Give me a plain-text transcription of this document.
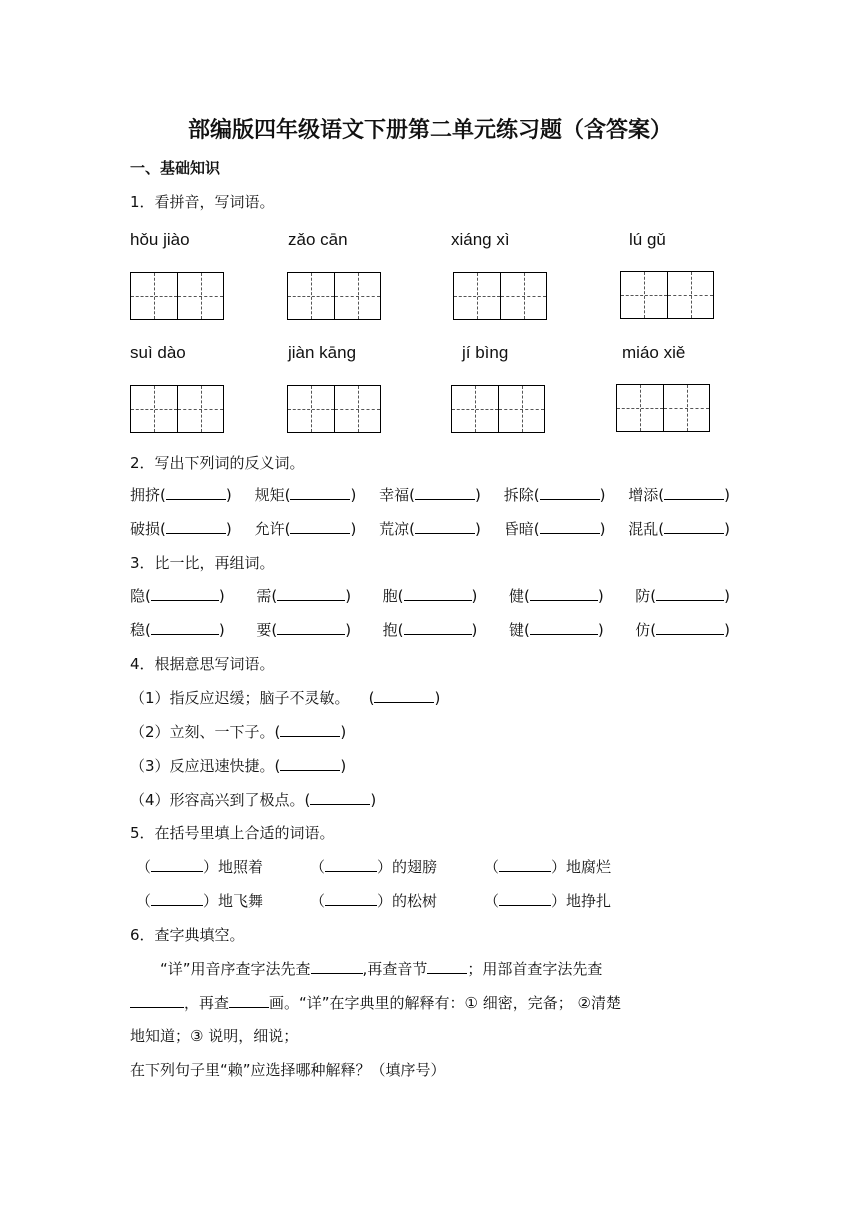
部编版四年级语文下册第二单元练习题（含答案）
一、基础知识
1．看拼音，写词语。
hǒu jiào	zǎo cān	xiáng xì	lú gǔ
suì dào	jiàn kāng	jí bìng	miáo xiě
2．写出下列词的反义词。
拥挤(	) 规矩(	) 幸福(	) 拆除(	) 增添(	)
破损(	) 允许(	) 荒凉(	) 昏暗(	) 混乱(	)
3．比一比，再组词。
隐(	) 需(	) 胞(	) 健(	) 防(	)
稳(	) 要(	) 抱(	) 键(	) 仿(	)
4．根据意思写词语。
（1）指反应迟缓；脑子不灵敏。    (	)
（2）立刻、一下子。(	)
（3）反应迅速快捷。(	)
（4）形容高兴到了极点。(	)
5．在括号里填上合适的词语。
（	）地照着	（	）的翅膀	（	）地腐烂
（	）地飞舞	（	）的松树	（	）地挣扎
6．查字典填空。
“详”用音序查字法先查	,再查音节	；用部首查字法先查
，再查	画。“详”在字典里的解释有：① 细密，完备； ②清楚
地知道；③ 说明，细说；
在下列句子里“赖”应选择哪种解释？（填序号）
